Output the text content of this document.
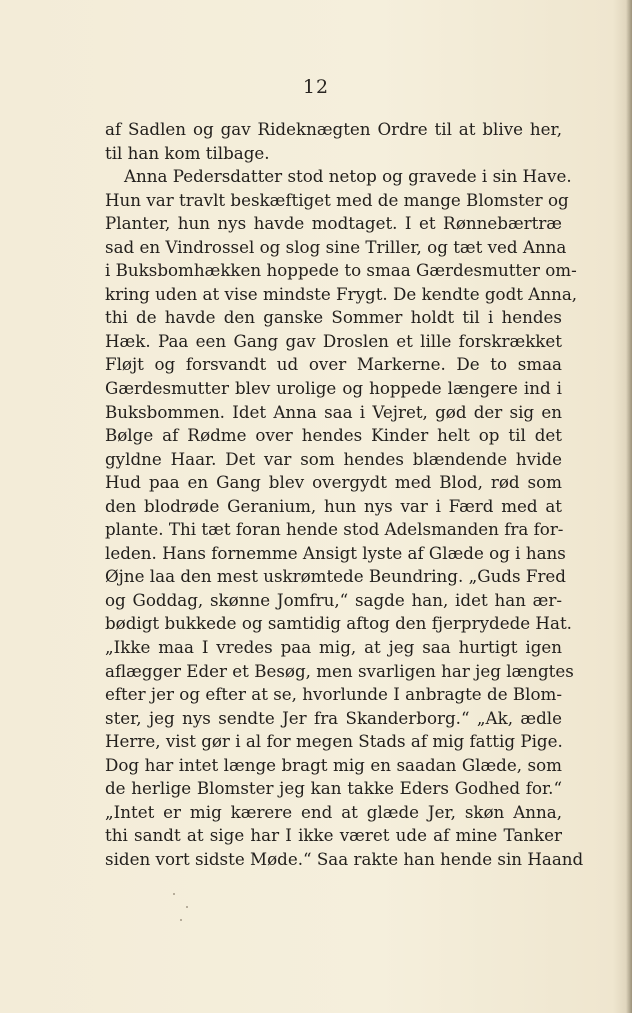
12
af Sadlen og gav Rideknægten Ordre til at blive her,
til han kom tilbage.
Anna Pedersdatter stod netop og gravede i sin Have.
Hun var travlt beskæftiget med de mange Blomster og
Planter, hun nys havde modtaget. I et Rønnebærtræ
sad en Vindrossel og slog sine Triller, og tæt ved Anna
i Buksbomhækken hoppede to smaa Gærdesmutter om-
kring uden at vise mindste Frygt. De kendte godt Anna,
thi de havde den ganske Sommer holdt til i hendes
Hæk. Paa een Gang gav Droslen et lille forskrækket
Fløjt og forsvandt ud over Markerne. De to smaa
Gærdesmutter blev urolige og hoppede længere ind i
Buksbommen. Idet Anna saa i Vejret, gød der sig en
Bølge af Rødme over hendes Kinder helt op til det
gyldne Haar. Det var som hendes blændende hvide
Hud paa en Gang blev overgydt med Blod, rød som
den blodrøde Geranium, hun nys var i Færd med at
plante. Thi tæt foran hende stod Adelsmanden fra for-
leden. Hans fornemme Ansigt lyste af Glæde og i hans
Øjne laa den mest uskrømtede Beundring. „Guds Fred
og Goddag, skønne Jomfru,“ sagde han, idet han ær-
bødigt bukkede og samtidig aftog den fjerprydede Hat.
„Ikke maa I vredes paa mig, at jeg saa hurtigt igen
aflægger Eder et Besøg, men svarligen har jeg længtes
efter jer og efter at se, hvorlunde I anbragte de Blom-
ster, jeg nys sendte Jer fra Skanderborg.“ „Ak, ædle
Herre, vist gør i al for megen Stads af mig fattig Pige.
Dog har intet længe bragt mig en saadan Glæde, som
de herlige Blomster jeg kan takke Eders Godhed for.“
„Intet er mig kærere end at glæde Jer, skøn Anna,
thi sandt at sige har I ikke været ude af mine Tanker
siden vort sidste Møde.“ Saa rakte han hende sin Haand
